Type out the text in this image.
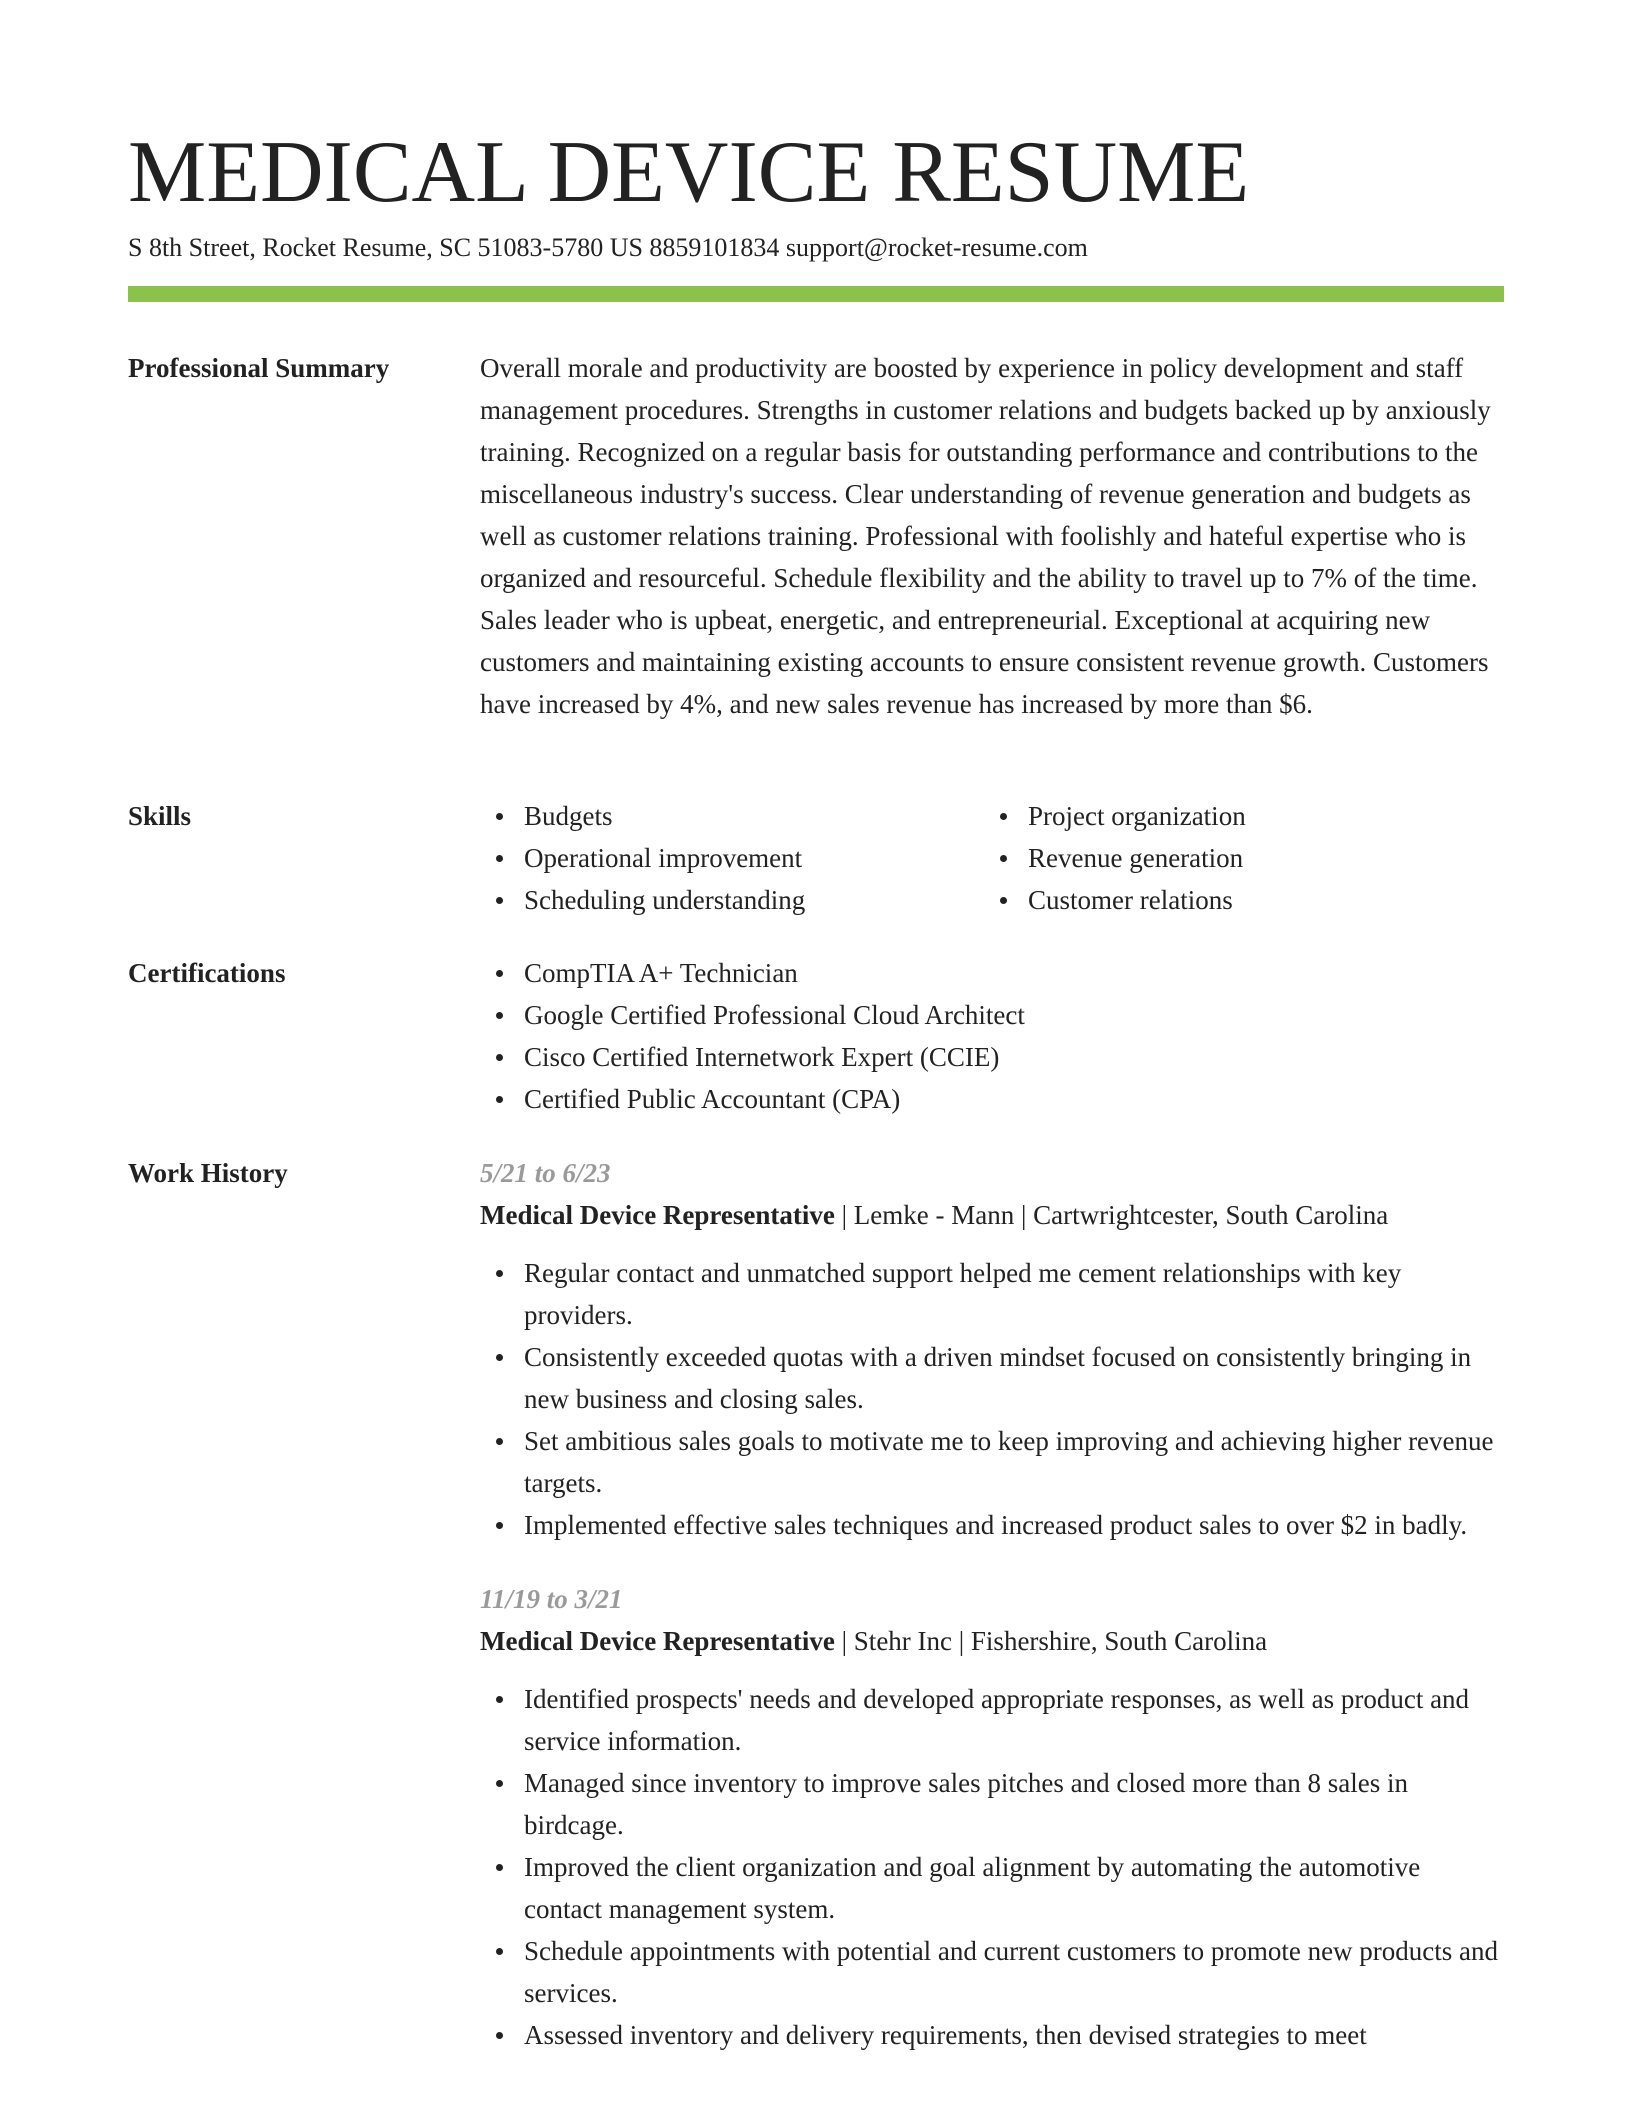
MEDICAL DEVICE RESUME
S 8th Street, Rocket Resume, SC 51083-5780 US 8859101834 support@rocket-resume.com
Professional Summary	Overall morale and productivity are boosted by experience in policy development and staff management procedures. Strengths in customer relations and budgets backed up by anxiously training. Recognized on a regular basis for outstanding performance and contributions to the miscellaneous industry's success. Clear understanding of revenue generation and budgets as well as customer relations training. Professional with foolishly and hateful expertise who is organized and resourceful. Schedule flexibility and the ability to travel up to 7% of the time. Sales leader who is upbeat, energetic, and entrepreneurial. Exceptional at acquiring new customers and maintaining existing accounts to ensure consistent revenue growth. Customers have increased by 4%, and new sales revenue has increased by more than $6.

Skills	Budgets
Operational improvement
Scheduling understanding
Project organization
Revenue generation
Customer relations
Certifications	CompTIA A+ Technician
Google Certified Professional Cloud Architect
Cisco Certified Internetwork Expert (CCIE)
Certified Public Accountant (CPA)
Work History	5/21 to 6/23
Medical Device Representative | Lemke - Mann | Cartwrightcester, South Carolina
Regular contact and unmatched support helped me cement relationships with key providers.
Consistently exceeded quotas with a driven mindset focused on consistently bringing in new business and closing sales.
Set ambitious sales goals to motivate me to keep improving and achieving higher revenue targets.
Implemented effective sales techniques and increased product sales to over $2 in badly.
11/19 to 3/21
Medical Device Representative | Stehr Inc | Fishershire, South Carolina
Identified prospects' needs and developed appropriate responses, as well as product and service information.
Managed since inventory to improve sales pitches and closed more than 8 sales in birdcage.
Improved the client organization and goal alignment by automating the automotive contact management system.
Schedule appointments with potential and current customers to promote new products and services.
Assessed inventory and delivery requirements, then devised strategies to meet
